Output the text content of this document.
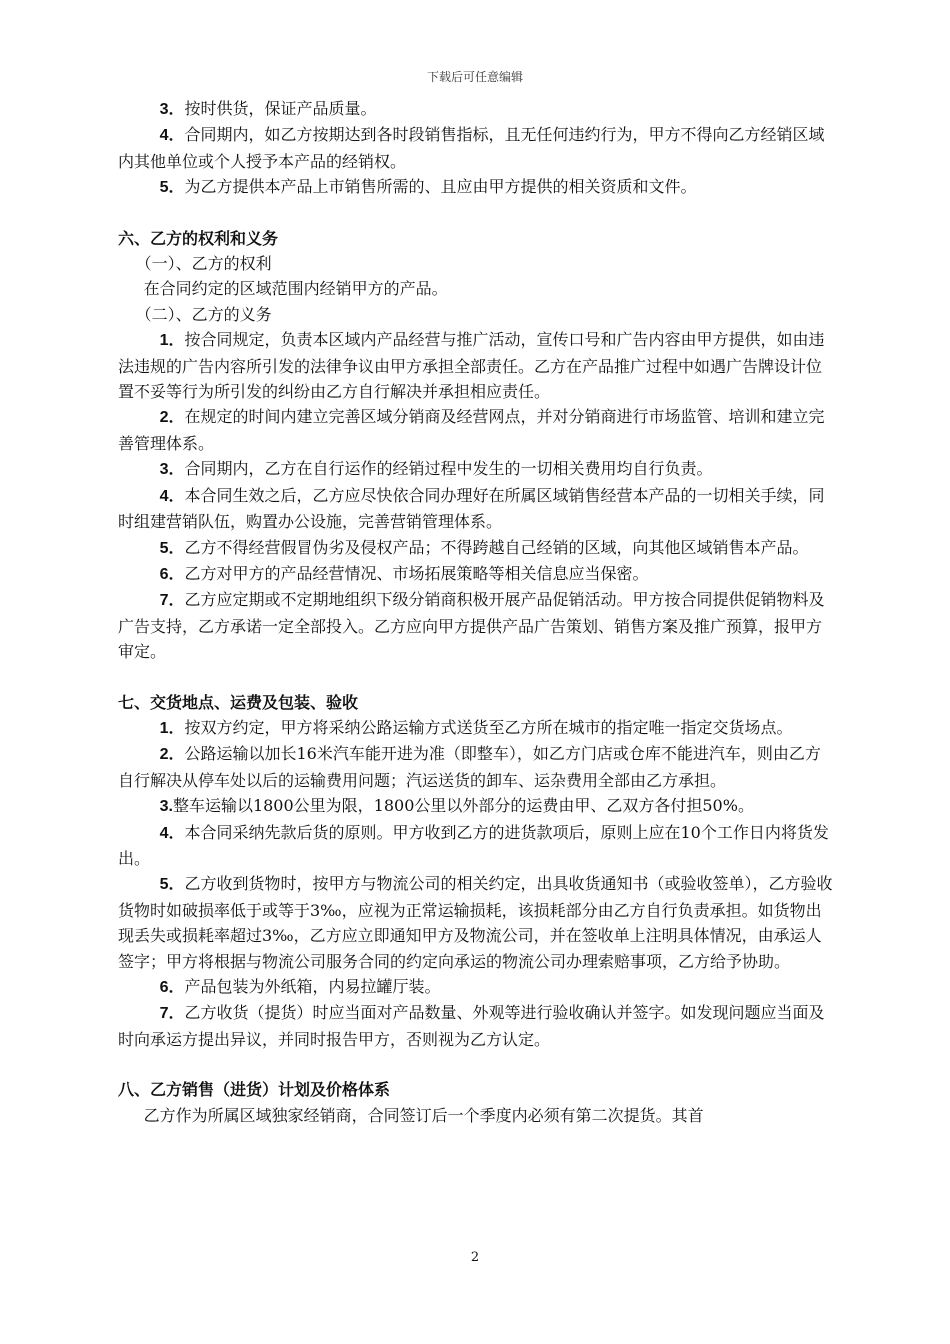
下载后可任意编辑

3．按时供货，保证产品质量。

4．合同期内，如乙方按期达到各时段销售指标，且无任何违约行为，甲方不得向乙方经销区域内其他单位或个人授予本产品的经销权。

5．为乙方提供本产品上市销售所需的、且应由甲方提供的相关资质和文件。

六、乙方的权利和义务

（一）、乙方的权利

在合同约定的区域范围内经销甲方的产品。

（二）、乙方的义务

1．按合同规定，负责本区域内产品经营与推广活动，宣传口号和广告内容由甲方提供，如由违法违规的广告内容所引发的法律争议由甲方承担全部责任。乙方在产品推广过程中如遇广告牌设计位置不妥等行为所引发的纠纷由乙方自行解决并承担相应责任。

2．在规定的时间内建立完善区域分销商及经营网点，并对分销商进行市场监管、培训和建立完善管理体系。

3．合同期内，乙方在自行运作的经销过程中发生的一切相关费用均自行负责。

4．本合同生效之后，乙方应尽快依合同办理好在所属区域销售经营本产品的一切相关手续，同时组建营销队伍，购置办公设施，完善营销管理体系。

5．乙方不得经营假冒伪劣及侵权产品；不得跨越自己经销的区域，向其他区域销售本产品。

6．乙方对甲方的产品经营情况、市场拓展策略等相关信息应当保密。

7．乙方应定期或不定期地组织下级分销商积极开展产品促销活动。甲方按合同提供促销物料及广告支持，乙方承诺一定全部投入。乙方应向甲方提供产品广告策划、销售方案及推广预算，报甲方审定。

七、交货地点、运费及包装、验收

1．按双方约定，甲方将采纳公路运输方式送货至乙方所在城市的指定唯一指定交货场点。

2．公路运输以加长16米汽车能开进为准（即整车），如乙方门店或仓库不能进汽车，则由乙方自行解决从停车处以后的运输费用问题；汽运送货的卸车、运杂费用全部由乙方承担。

3.整车运输以1800公里为限，1800公里以外部分的运费由甲、乙双方各付担50%。

4．本合同采纳先款后货的原则。甲方收到乙方的进货款项后，原则上应在10个工作日内将货发出。

5．乙方收到货物时，按甲方与物流公司的相关约定，出具收货通知书（或验收签单），乙方验收货物时如破损率低于或等于3‰，应视为正常运输损耗，该损耗部分由乙方自行负责承担。如货物出现丢失或损耗率超过3‰，乙方应立即通知甲方及物流公司，并在签收单上注明具体情况，由承运人签字；甲方将根据与物流公司服务合同的约定向承运的物流公司办理索赔事项，乙方给予协助。

6．产品包装为外纸箱，内易拉罐厅装。

7．乙方收货（提货）时应当面对产品数量、外观等进行验收确认并签字。如发现问题应当面及时向承运方提出异议，并同时报告甲方，否则视为乙方认定。

八、乙方销售（进货）计划及价格体系

乙方作为所属区域独家经销商，合同签订后一个季度内必须有第二次提货。其首

2
